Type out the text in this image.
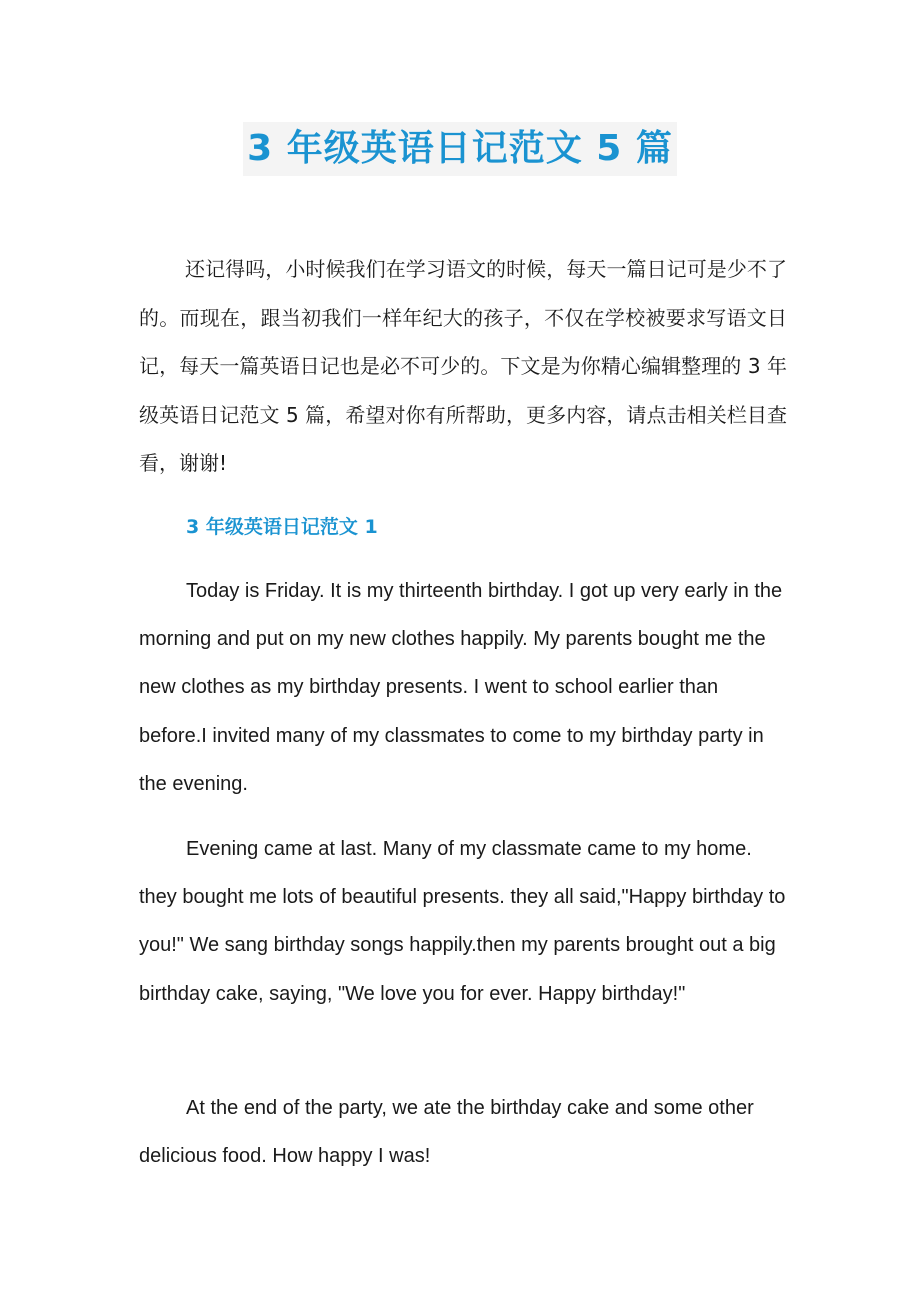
3 年级英语日记范文 5 篇

还记得吗，小时候我们在学习语文的时候，每天一篇日记可是少不了的。而现在，跟当初我们一样年纪大的孩子，不仅在学校被要求写语文日记，每天一篇英语日记也是必不可少的。下文是为你精心编辑整理的 3 年级英语日记范文 5 篇，希望对你有所帮助，更多内容，请点击相关栏目查看，谢谢!

3 年级英语日记范文 1

Today is Friday. It is my thirteenth birthday. I got up very early in the morning and put on my new clothes happily. My parents bought me the new clothes as my birthday presents. I went to school earlier than before.I invited many of my classmates to come to my birthday party in the evening.

Evening came at last. Many of my classmate came to my home. they bought me lots of beautiful presents. they all said,"Happy birthday to you!" We sang birthday songs happily.then my parents brought out a big birthday cake, saying, "We love you for ever. Happy birthday!"

At the end of the party, we ate the birthday cake and some other delicious food. How happy I was!
